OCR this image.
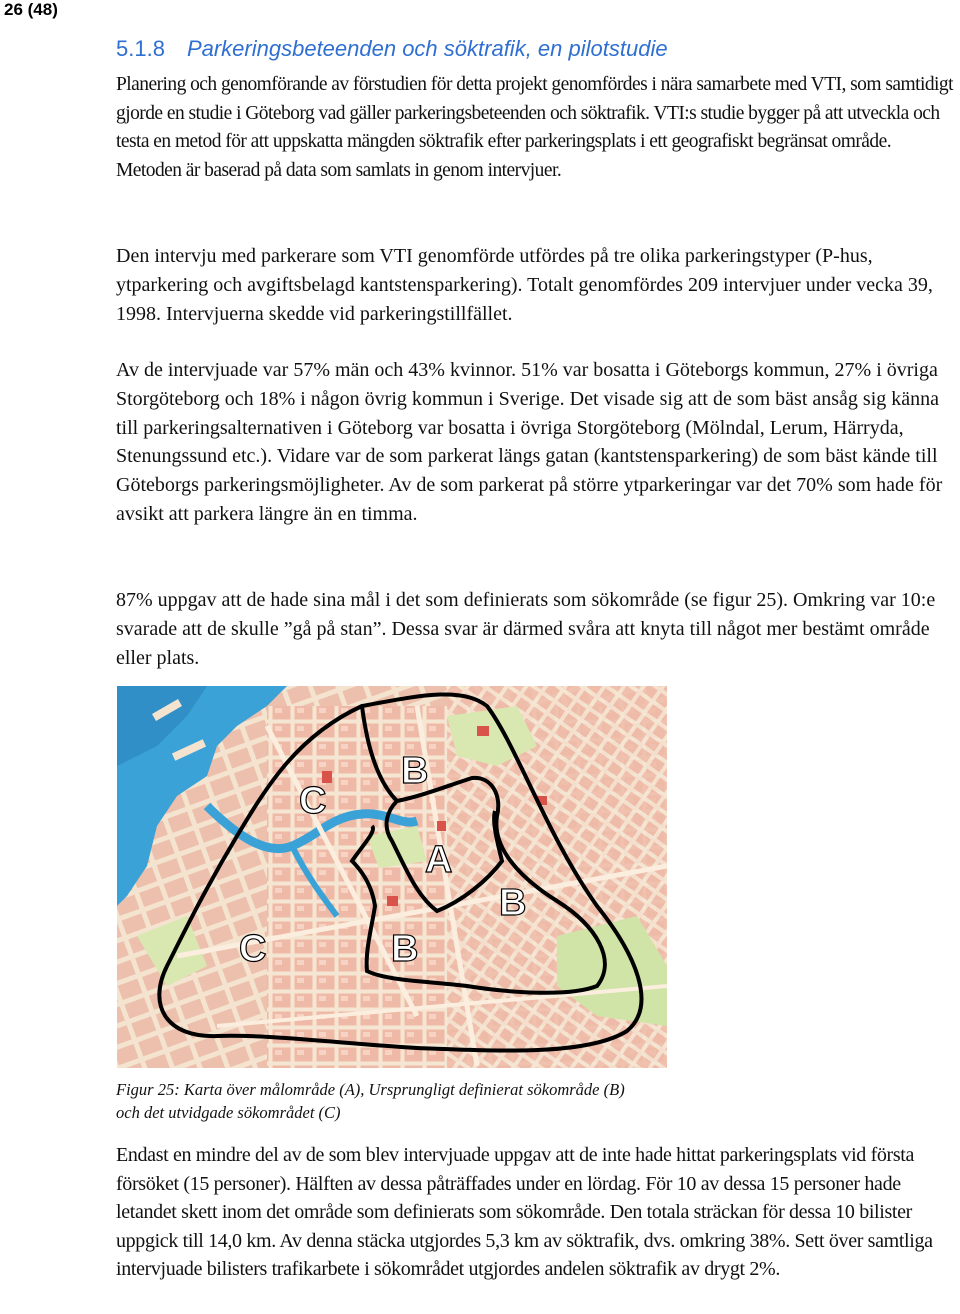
26 (48)
5.1.8 Parkeringsbeteenden och söktrafik, en pilotstudie

Planering och genomförande av förstudien för detta projekt genomfördes i nära samarbete med VTI, som samtidigt gjorde en studie i Göteborg vad gäller parkeringsbeteenden och söktrafik. VTI:s studie bygger på att utveckla och testa en metod för att uppskatta mängden söktrafik efter parkeringsplats i ett geografiskt begränsat område. Metoden är baserad på data som samlats in genom intervjuer.

Den intervju med parkerare som VTI genomförde utfördes på tre olika parkeringstyper (P-hus, ytparkering och avgiftsbelagd kantstensparkering). Totalt genomfördes 209 intervjuer under vecka 39, 1998. Intervjuerna skedde vid parkeringstillfället.

Av de intervjuade var 57% män och 43% kvinnor. 51% var bosatta i Göteborgs kommun, 27% i övriga Storgöteborg och 18% i någon övrig kommun i Sverige. Det visade sig att de som bäst ansåg sig känna till parkeringsalternativen i Göteborg var bosatta i övriga Storgöteborg (Mölndal, Lerum, Härryda, Stenungssund etc.). Vidare var de som parkerat längs gatan (kantstensparkering) de som bäst kände till Göteborgs parkeringsmöjligheter. Av de som parkerat på större ytparkeringar var det 70% som hade för avsikt att parkera längre än en timma.

87% uppgav att de hade sina mål i det som definierats som sökområde (se figur 25). Omkring var 10:e svarade att de skulle ”gå på stan”. Dessa svar är därmed svåra att knyta till något mer bestämt område eller plats.

C
B
A
B
C	B

Figur 25: Karta över målområde (A), Ursprungligt definierat sökområde (B)
och det utvidgade sökområdet (C)

Endast en mindre del av de som blev intervjuade uppgav att de inte hade hittat parkeringsplats vid första försöket (15 personer). Hälften av dessa påträffades under en lördag. För 10 av dessa 15 personer hade letandet skett inom det område som definierats som sökområde. Den totala sträckan för dessa 10 bilister uppgick till 14,0 km. Av denna stäcka utgjordes 5,3 km av söktrafik, dvs. omkring 38%. Sett över samtliga intervjuade bilisters trafikarbete i sökområdet utgjordes andelen söktrafik av drygt 2%.
